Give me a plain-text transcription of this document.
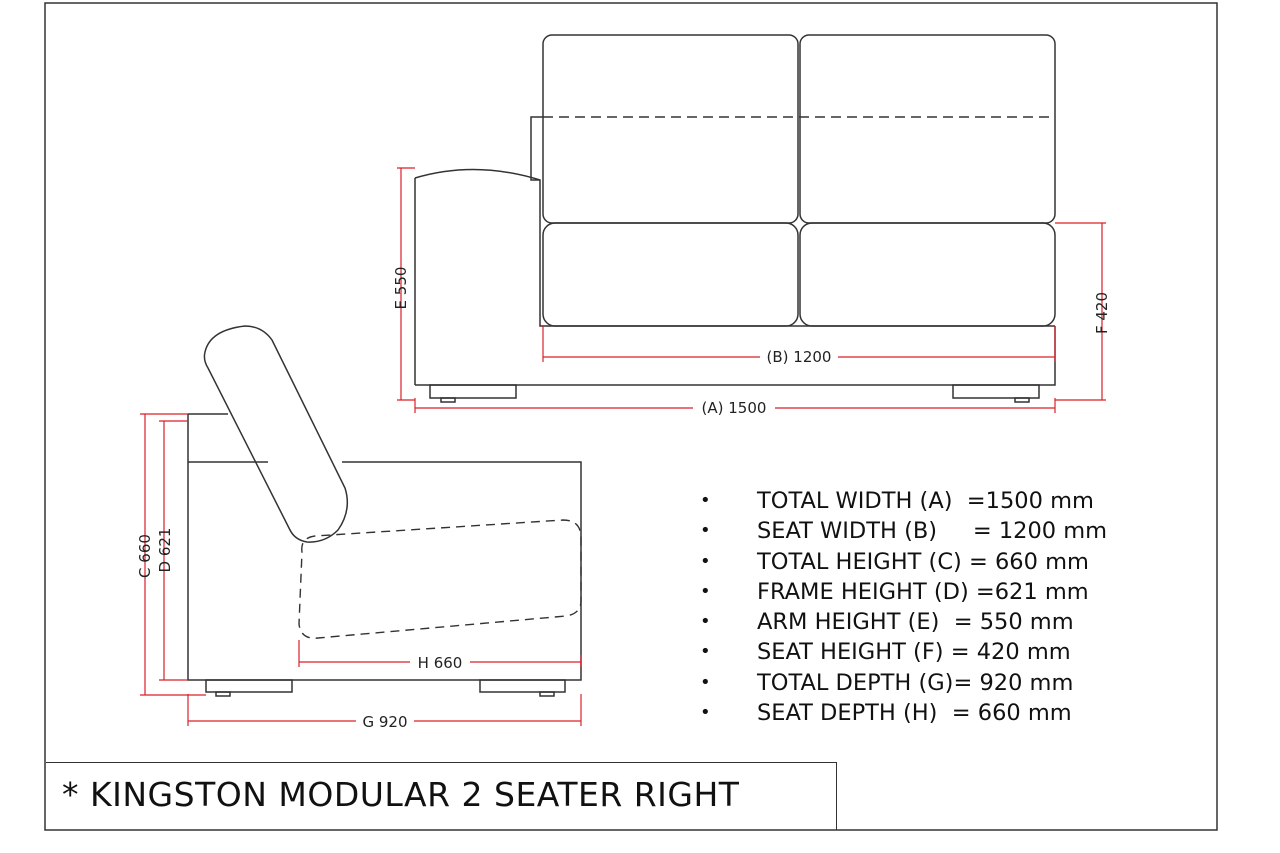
E 550
F 420
(B) 1200
(A) 1500
C 660 D 621
H 660
G 920
•	TOTAL WIDTH (A)  =1500 mm
•	SEAT WIDTH (B)     = 1200 mm
•	TOTAL HEIGHT (C) = 660 mm
•	FRAME HEIGHT (D) =621 mm
•	ARM HEIGHT (E)  = 550 mm
•	SEAT HEIGHT (F) = 420 mm
•	TOTAL DEPTH (G)= 920 mm
•	SEAT DEPTH (H)  = 660 mm
* KINGSTON MODULAR 2 SEATER RIGHT
